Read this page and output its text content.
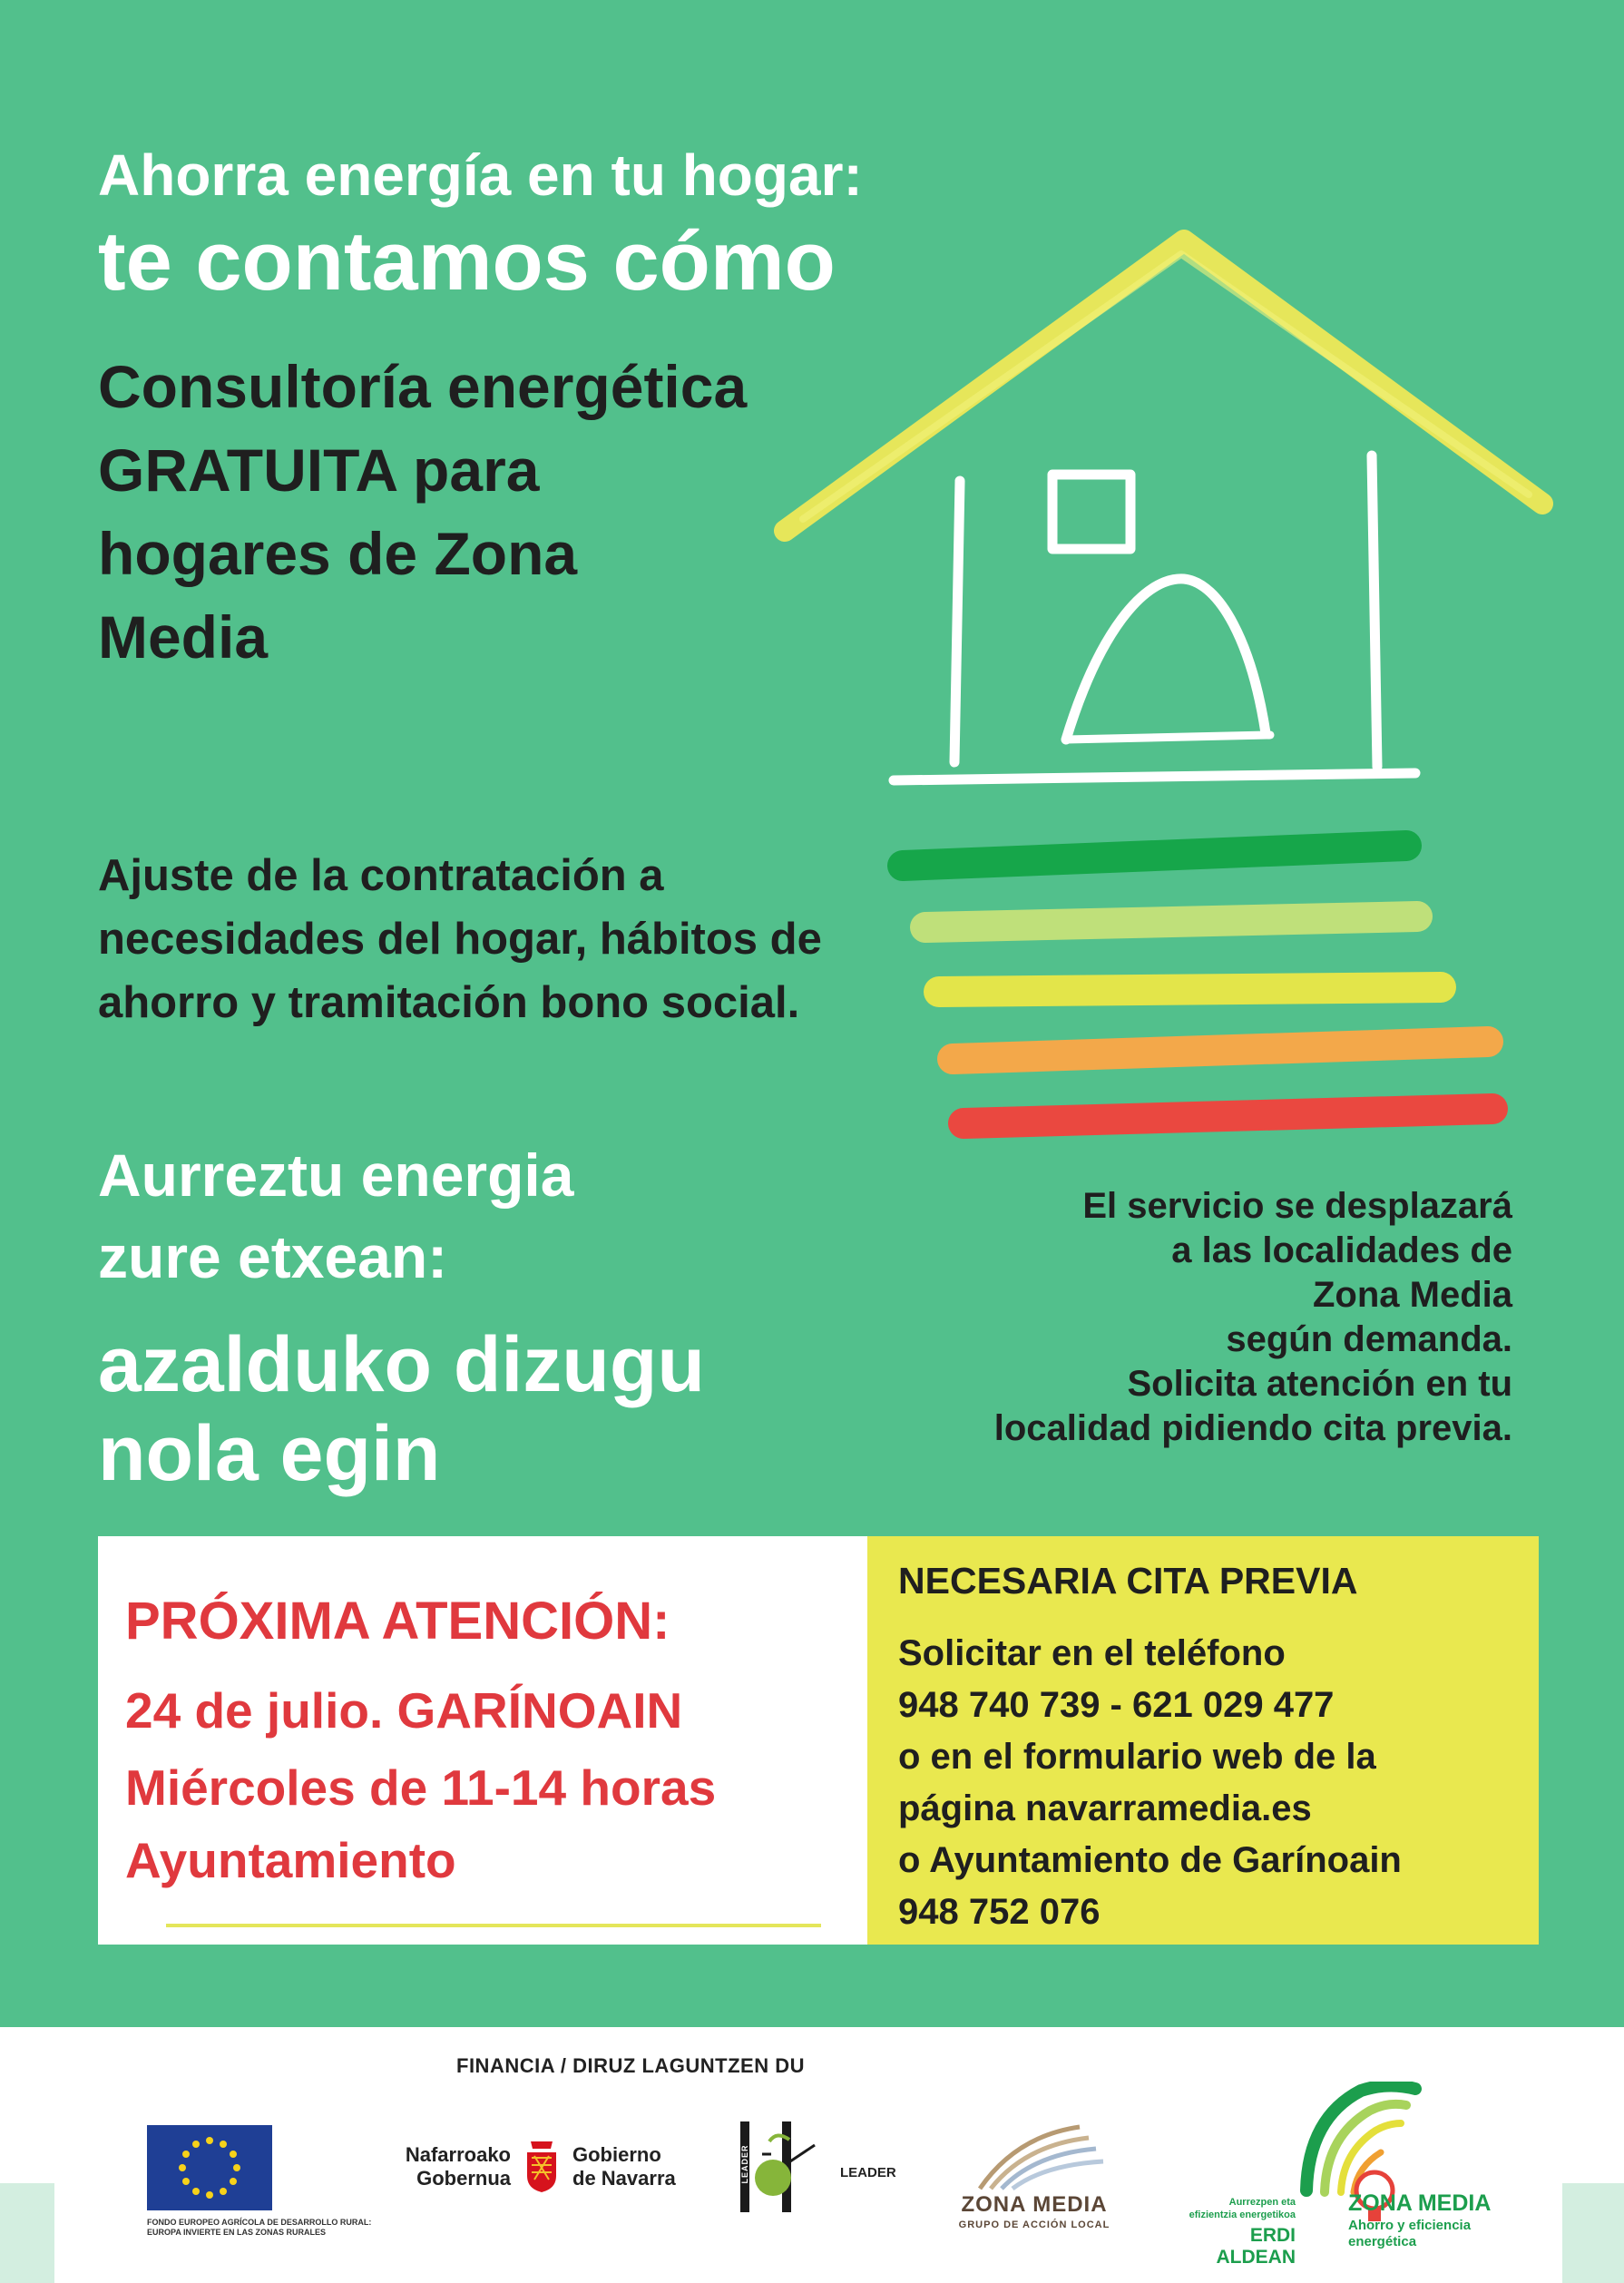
Ahorra energía en tu hogar:
te contamos cómo
Consultoría energética GRATUITA para hogares de Zona Media
Ajuste de la contratación a necesidades del hogar, hábitos de ahorro y tramitación bono social.
Aurreztu energia
zure etxean:
azalduko dizugu
nola egin
El servicio se desplazará
a las localidades de
Zona Media
según demanda.
Solicita atención en tu
localidad pidiendo cita previa.
PRÓXIMA ATENCIÓN:
24 de julio. GARÍNOAIN
Miércoles de 11-14 horas
Ayuntamiento
NECESARIA CITA PREVIA
Solicitar en el teléfono
948 740 739 - 621 029 477
o en el formulario web de la
página navarramedia.es
o Ayuntamiento de Garínoain
948 752 076
FINANCIA / DIRUZ LAGUNTZEN DU
FONDO EUROPEO AGRÍCOLA DE DESARROLLO RURAL:
EUROPA INVIERTE EN LAS ZONAS RURALES
Nafarroako
Gobernua
Gobierno
de Navarra	LEADER	LEADER
ZONA MEDIA
GRUPO DE ACCIÓN LOCAL
Aurrezpen eta
efizientzia energetikoa
ERDI ALDEAN
ZONA MEDIA
Ahorro y eficiencia
energética
